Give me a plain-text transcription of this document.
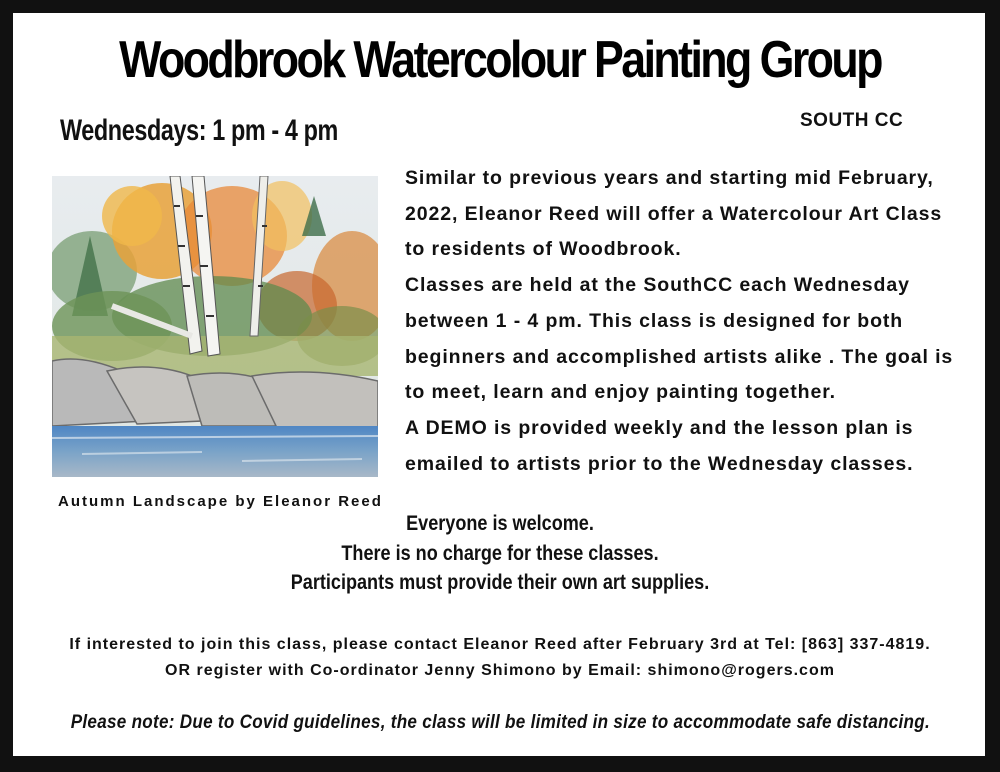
Woodbrook Watercolour Painting Group
SOUTH CC
Wednesdays: 1 pm - 4 pm
Autumn Landscape by Eleanor Reed

Similar to previous years and starting mid February, 2022, Eleanor Reed will offer a Watercolour Art Class to residents of Woodbrook.

Classes are held at the SouthCC each Wednesday between 1 - 4 pm. This class is designed for both beginners and accomplished artists alike . The goal is to meet, learn and enjoy painting together.

A DEMO is provided weekly and the lesson plan is emailed to artists prior to the Wednesday classes.

Everyone is welcome.
There is no charge for these classes.
Participants must provide their own art supplies.
If interested to join this class, please contact Eleanor Reed after February 3rd at Tel: [863] 337-4819.
OR register with Co-ordinator Jenny Shimono by Email: shimono@rogers.com
Please note: Due to Covid guidelines, the class will be limited in size to accommodate safe distancing.
